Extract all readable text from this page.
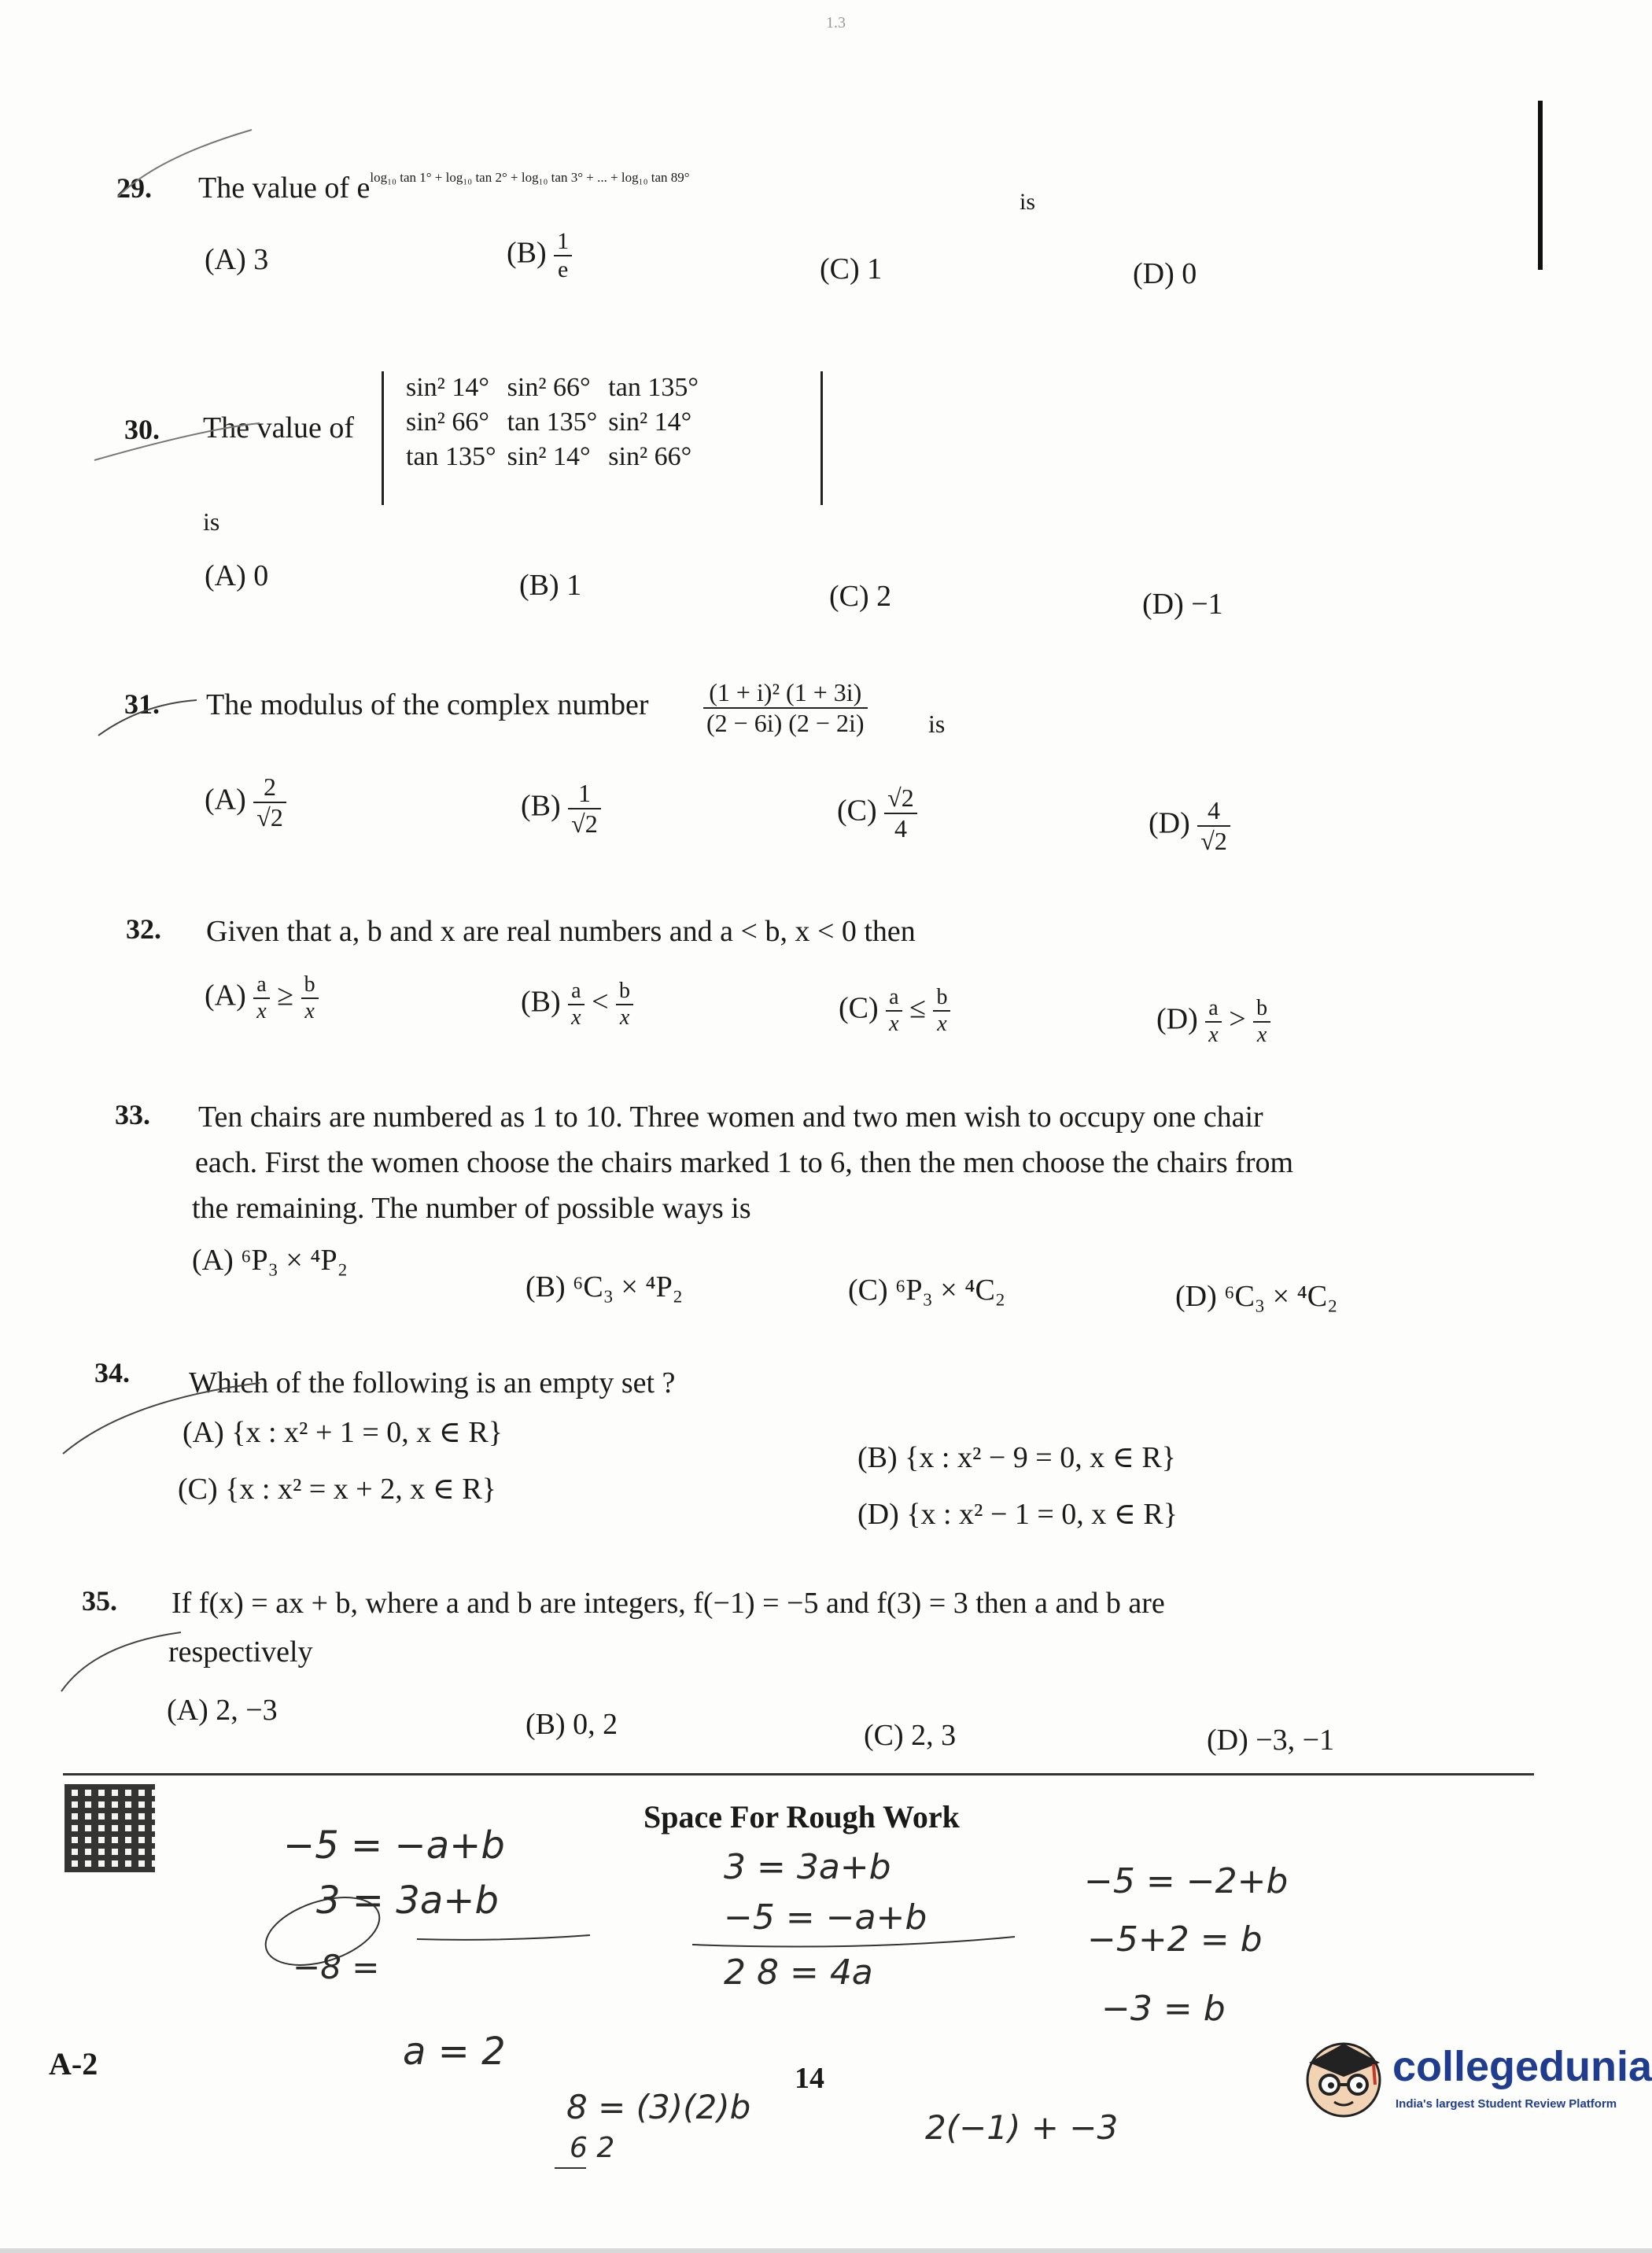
1.3
29. The value of $e^{log_{10} tan 1^\circ + log_{10} tan 2^\circ + log_{10} tan 3^\circ + ... + log_{10} tan 89^\circ}$
is
(A) 3	$(B) \frac{1}{e}$	(C) 1	(D) 0
30. The value of
sin² 14°	sin² 66°	tan 135°
sin² 66°	tan 135°	sin² 14°
tan 135°	sin² 14°	sin² 66°
is
(A) 0	(B) 1	(C) 2	(D) −1
31. The modulus of the complex number $\frac{\text{(1 + i)² (1 + 3i)}}{(2 - 6i) (2 - 2i)}$ is
$(A) \frac{2}{√2}$	$(B) \frac{1}{√2}$	$(C) \frac{√2}{4}$	$(D) \frac{4}{√2}$
32. Given that a, b and x are real numbers and a < b, x < 0 then
$(A) \frac{a}{x} \ge \frac{b}{x}$	$(B) \frac{a}{x} < \frac{b}{x}$	$(C) \frac{a}{x} \le \frac{b}{x}$	$(D) \frac{a}{x} > \frac{b}{x}$
33. Ten chairs are numbered as 1 to 10. Three women and two men wish to occupy one chair
each. First the women choose the chairs marked 1 to 6, then the men choose the chairs from
the remaining. The number of possible ways is
(A) ⁶P₃ × ⁴P₂
(B) ⁶C₃ × ⁴P₂	(C) ⁶P₃ × ⁴C₂	(D) ⁶C₃ × ⁴C₂
34. Which of the following is an empty set ?
(A) {x : x² + 1 = 0, x ∈ R}
(B) {x : x² − 9 = 0, x ∈ R}
(C) {x : x² = x + 2, x ∈ R}
(D) {x : x² − 1 = 0, x ∈ R}
35. If f(x) = ax + b, where a and b are integers, f(−1) = −5 and f(3) = 3 then a and b are
respectively
(A) 2, −3	(B) 0, 2	(C) 2, 3	(D) −3, −1
Space For Rough Work
−5 = −a+b
3 = 3a+b
−8 =
3 = 3a+b
−5 = −a+b
2 8 = 4a
−5 = −2+b
−5+2 = b
−3 = b
a = 2
8 = (3)(2)b
6 2
2(−1) + −3
A-2	14	collegedunia
India's largest Student Review Platform
